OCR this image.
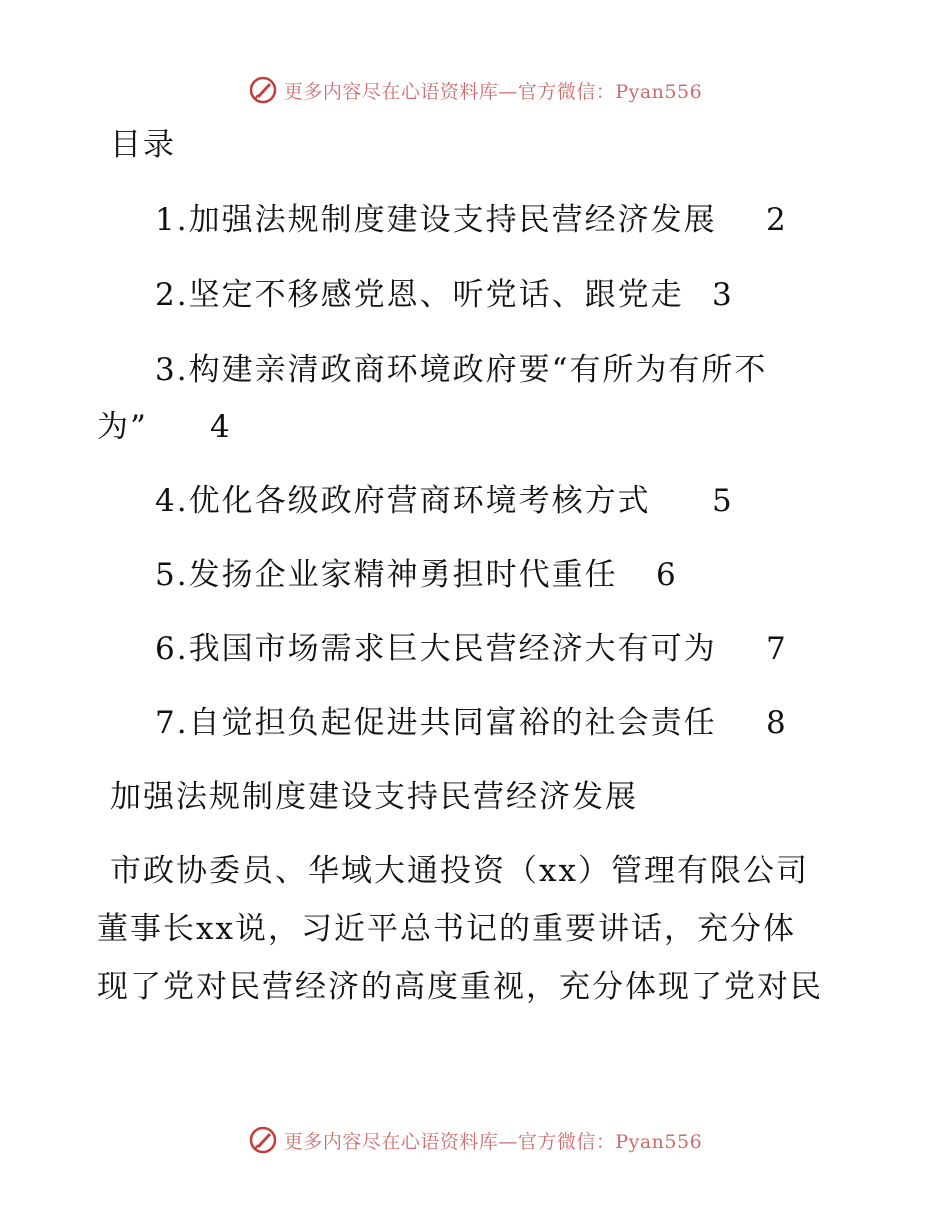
更多内容尽在心语资料库—官方微信：Pyan556
目录
1.加强法规制度建设支持民营经济发展 2
2.坚定不移感党恩、听党话、跟党走 3
3.构建亲清政商环境政府要“有所为有所不
为” 4
4.优化各级政府营商环境考核方式 5
5.发扬企业家精神勇担时代重任 6
6.我国市场需求巨大民营经济大有可为 7
7.自觉担负起促进共同富裕的社会责任 8
加强法规制度建设支持民营经济发展
市政协委员、华域大通投资（xx）管理有限公司
董事长xx说，习近平总书记的重要讲话，充分体
现了党对民营经济的高度重视，充分体现了党对民
更多内容尽在心语资料库—官方微信：Pyan556
